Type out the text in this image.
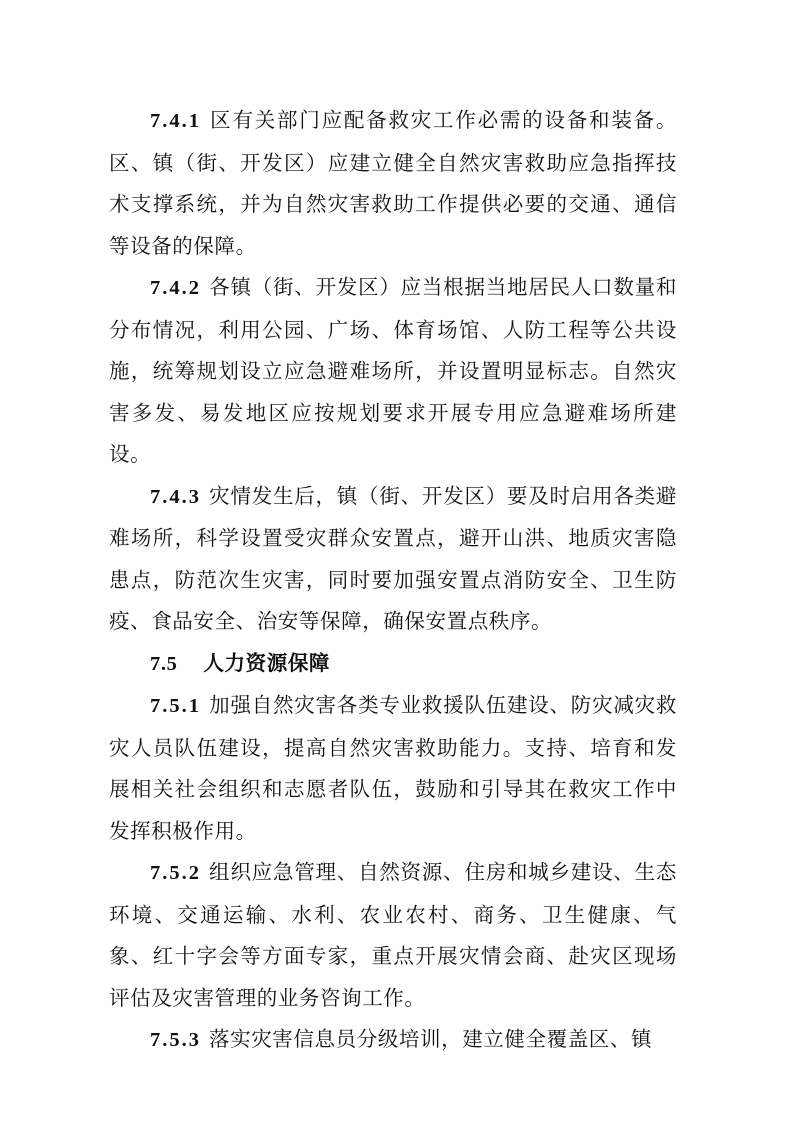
7.4.1 区有关部门应配备救灾工作必需的设备和装备。区、镇（街、开发区）应建立健全自然灾害救助应急指挥技术支撑系统，并为自然灾害救助工作提供必要的交通、通信等设备的保障。

7.4.2 各镇（街、开发区）应当根据当地居民人口数量和分布情况，利用公园、广场、体育场馆、人防工程等公共设施，统筹规划设立应急避难场所，并设置明显标志。自然灾害多发、易发地区应按规划要求开展专用应急避难场所建设。

7.4.3 灾情发生后，镇（街、开发区）要及时启用各类避难场所，科学设置受灾群众安置点，避开山洪、地质灾害隐患点，防范次生灾害，同时要加强安置点消防安全、卫生防疫、食品安全、治安等保障，确保安置点秩序。

7.5 人力资源保障

7.5.1 加强自然灾害各类专业救援队伍建设、防灾减灾救灾人员队伍建设，提高自然灾害救助能力。支持、培育和发展相关社会组织和志愿者队伍，鼓励和引导其在救灾工作中发挥积极作用。

7.5.2 组织应急管理、自然资源、住房和城乡建设、生态环境、交通运输、水利、农业农村、商务、卫生健康、气象、红十字会等方面专家，重点开展灾情会商、赴灾区现场评估及灾害管理的业务咨询工作。

7.5.3 落实灾害信息员分级培训，建立健全覆盖区、镇
